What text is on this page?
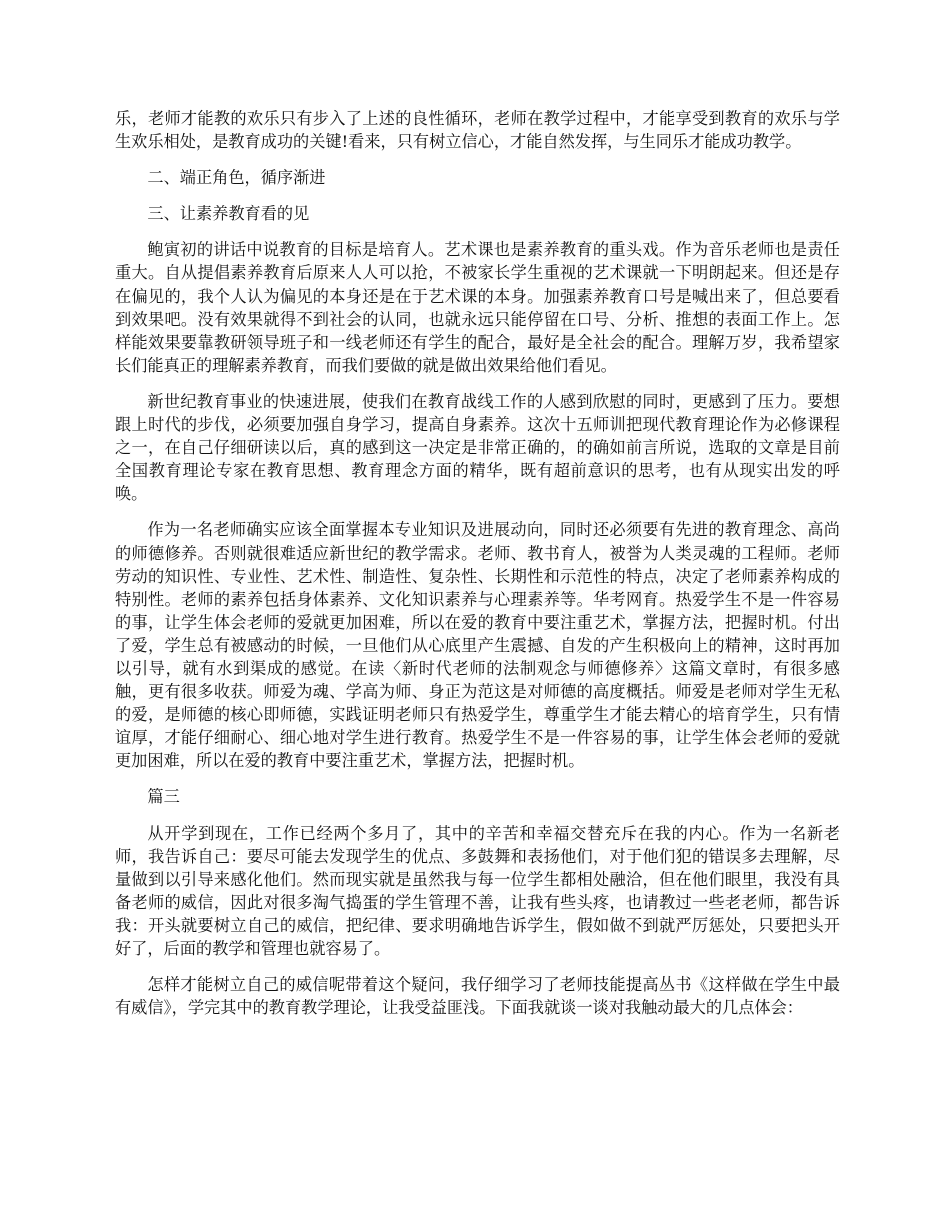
乐，老师才能教的欢乐只有步入了上述的良性循环，老师在教学过程中，才能享受到教育的欢乐与学生欢乐相处，是教育成功的关键!看来，只有树立信心，才能自然发挥，与生同乐才能成功教学。

二、端正角色，循序渐进

三、让素养教育看的见

鲍寅初的讲话中说教育的目标是培育人。艺术课也是素养教育的重头戏。作为音乐老师也是责任重大。自从提倡素养教育后原来人人可以抢，不被家长学生重视的艺术课就一下明朗起来。但还是存在偏见的，我个人认为偏见的本身还是在于艺术课的本身。加强素养教育口号是喊出来了，但总要看到效果吧。没有效果就得不到社会的认同，也就永远只能停留在口号、分析、推想的表面工作上。怎样能效果要靠教研领导班子和一线老师还有学生的配合，最好是全社会的配合。理解万岁，我希望家长们能真正的理解素养教育，而我们要做的就是做出效果给他们看见。

新世纪教育事业的快速进展，使我们在教育战线工作的人感到欣慰的同时，更感到了压力。要想跟上时代的步伐，必须要加强自身学习，提高自身素养。这次十五师训把现代教育理论作为必修课程之一，在自己仔细研读以后，真的感到这一决定是非常正确的，的确如前言所说，选取的文章是目前全国教育理论专家在教育思想、教育理念方面的精华，既有超前意识的思考，也有从现实出发的呼唤。

作为一名老师确实应该全面掌握本专业知识及进展动向，同时还必须要有先进的教育理念、高尚的师德修养。否则就很难适应新世纪的教学需求。老师、教书育人，被誉为人类灵魂的工程师。老师劳动的知识性、专业性、艺术性、制造性、复杂性、长期性和示范性的特点，决定了老师素养构成的特别性。老师的素养包括身体素养、文化知识素养与心理素养等。华考网育。热爱学生不是一件容易的事，让学生体会老师的爱就更加困难，所以在爱的教育中要注重艺术，掌握方法，把握时机。付出了爱，学生总有被感动的时候，一旦他们从心底里产生震撼、自发的产生积极向上的精神，这时再加以引导，就有水到渠成的感觉。在读〈新时代老师的法制观念与师德修养〉这篇文章时，有很多感触，更有很多收获。师爱为魂、学高为师、身正为范这是对师德的高度概括。师爱是老师对学生无私的爱，是师德的核心即师德，实践证明老师只有热爱学生，尊重学生才能去精心的培育学生，只有情谊厚，才能仔细耐心、细心地对学生进行教育。热爱学生不是一件容易的事，让学生体会老师的爱就更加困难，所以在爱的教育中要注重艺术，掌握方法，把握时机。

篇三

从开学到现在，工作已经两个多月了，其中的辛苦和幸福交替充斥在我的内心。作为一名新老师，我告诉自己：要尽可能去发现学生的优点、多鼓舞和表扬他们，对于他们犯的错误多去理解，尽量做到以引导来感化他们。然而现实就是虽然我与每一位学生都相处融洽，但在他们眼里，我没有具备老师的威信，因此对很多淘气捣蛋的学生管理不善，让我有些头疼，也请教过一些老老师，都告诉我：开头就要树立自己的威信，把纪律、要求明确地告诉学生，假如做不到就严厉惩处，只要把头开好了，后面的教学和管理也就容易了。

怎样才能树立自己的威信呢带着这个疑问，我仔细学习了老师技能提高丛书《这样做在学生中最有威信》，学完其中的教育教学理论，让我受益匪浅。下面我就谈一谈对我触动最大的几点体会：
